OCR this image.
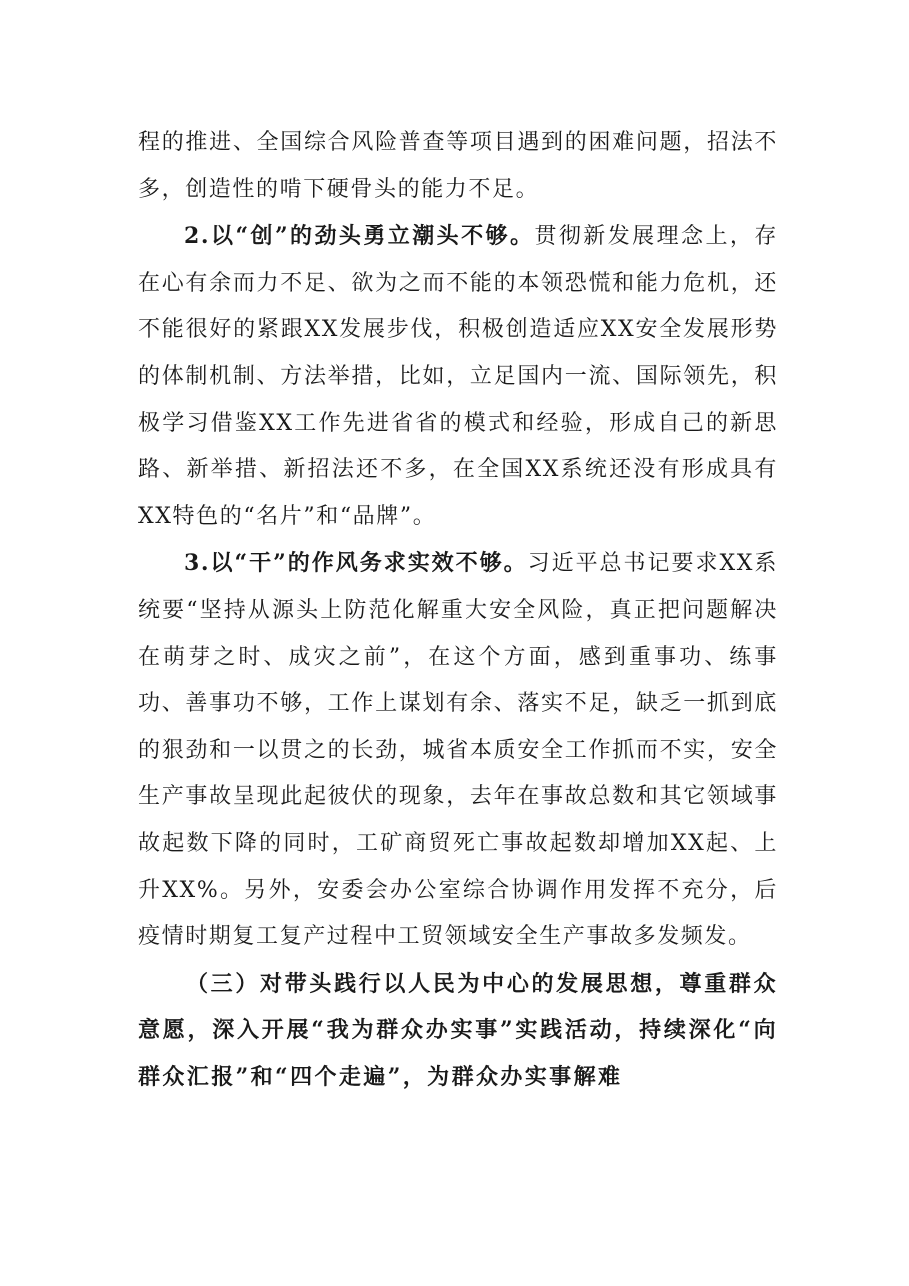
程的推进、全国综合风险普查等项目遇到的困难问题，招法不多，创造性的啃下硬骨头的能力不足。

2.以“创”的劲头勇立潮头不够。贯彻新发展理念上，存在心有余而力不足、欲为之而不能的本领恐慌和能力危机，还不能很好的紧跟XX发展步伐，积极创造适应XX安全发展形势的体制机制、方法举措，比如，立足国内一流、国际领先，积极学习借鉴XX工作先进省省的模式和经验，形成自己的新思路、新举措、新招法还不多，在全国XX系统还没有形成具有XX特色的“名片”和“品牌”。

3.以“干”的作风务求实效不够。习近平总书记要求XX系统要“坚持从源头上防范化解重大安全风险，真正把问题解决在萌芽之时、成灾之前”，在这个方面，感到重事功、练事功、善事功不够，工作上谋划有余、落实不足，缺乏一抓到底的狠劲和一以贯之的长劲，城省本质安全工作抓而不实，安全生产事故呈现此起彼伏的现象，去年在事故总数和其它领域事故起数下降的同时，工矿商贸死亡事故起数却增加XX起、上升XX%。另外，安委会办公室综合协调作用发挥不充分，后疫情时期复工复产过程中工贸领域安全生产事故多发频发。

（三）对带头践行以人民为中心的发展思想，尊重群众意愿，深入开展“我为群众办实事”实践活动，持续深化“向群众汇报”和“四个走遍”，为群众办实事解难
